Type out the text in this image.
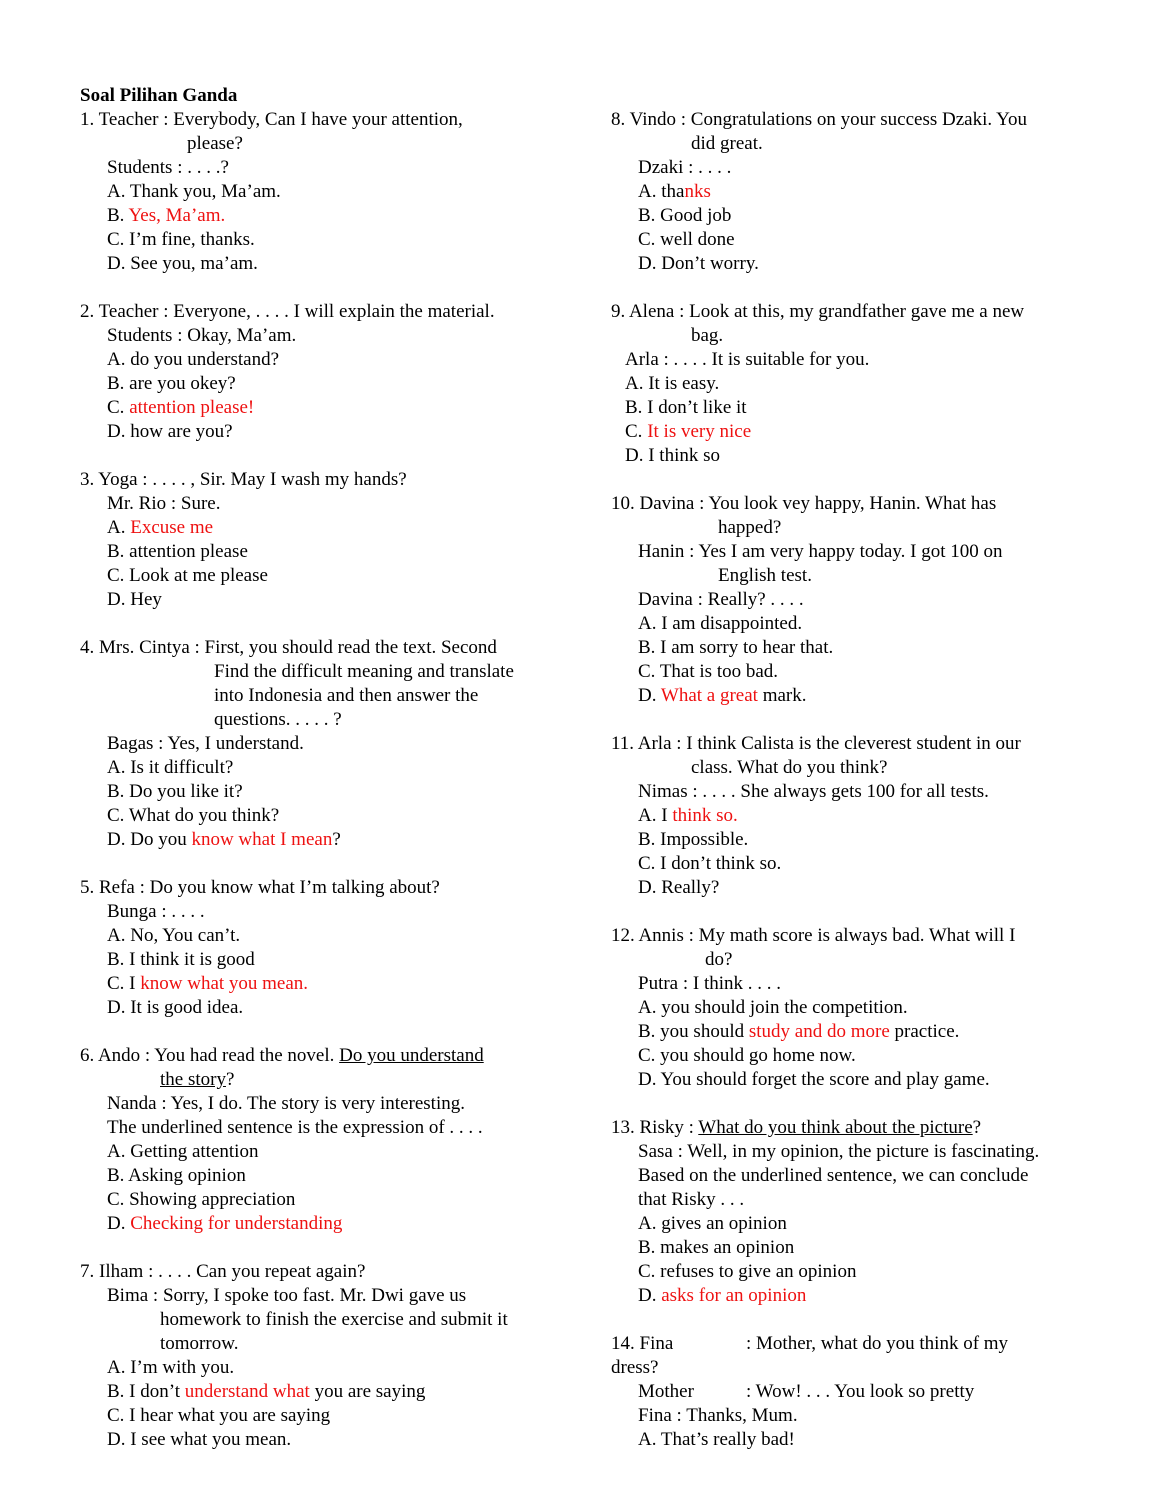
Soal Pilihan Ganda
1. Teacher : Everybody, Can I have your attention,
please?
Students : . . . .?
A. Thank you, Ma’am.
B. Yes, Ma’am.
C. I’m fine, thanks.
D. See you, ma’am.
2. Teacher : Everyone, . . . . I will explain the material.
Students : Okay, Ma’am.
A. do you understand?
B. are you okey?
C. attention please!
D. how are you?
3. Yoga : . . . . , Sir. May I wash my hands?
Mr. Rio : Sure.
A. Excuse me
B. attention please
C. Look at me please
D. Hey
4. Mrs. Cintya : First, you should read the text. Second
Find the difficult meaning and translate
into Indonesia and then answer the
questions. . . . . ?
Bagas : Yes, I understand.
A. Is it difficult?
B. Do you like it?
C. What do you think?
D. Do you know what I mean?
5. Refa : Do you know what I’m talking about?
Bunga : . . . .
A. No, You can’t.
B. I think it is good
C. I know what you mean.
D. It is good idea.
6. Ando : You had read the novel. Do you understand
the story?
Nanda : Yes, I do. The story is very interesting.
The underlined sentence is the expression of . . . .
A. Getting attention
B. Asking opinion
C. Showing appreciation
D. Checking for understanding
7. Ilham : . . . . Can you repeat again?
Bima : Sorry, I spoke too fast. Mr. Dwi gave us
homework to finish the exercise and submit it
tomorrow.
A. I’m with you.
B. I don’t understand what you are saying
C. I hear what you are saying
D. I see what you mean.
8. Vindo : Congratulations on your success Dzaki. You
did great.
Dzaki : . . . .
A. thanks
B. Good job
C. well done
D. Don’t worry.
9. Alena : Look at this, my grandfather gave me a new
bag.
Arla : . . . . It is suitable for you.
A. It is easy.
B. I don’t like it
C. It is very nice
D. I think so
10. Davina : You look vey happy, Hanin. What has
happed?
Hanin : Yes I am very happy today. I got 100 on
English test.
Davina : Really? . . . .
A. I am disappointed.
B. I am sorry to hear that.
C. That is too bad.
D. What a great mark.
11. Arla : I think Calista is the cleverest student in our
class. What do you think?
Nimas : . . . . She always gets 100 for all tests.
A. I think so.
B. Impossible.
C. I don’t think so.
D. Really?
12. Annis : My math score is always bad. What will I
do?
Putra : I think . . . .
A. you should join the competition.
B. you should study and do more practice.
C. you should go home now.
D. You should forget the score and play game.
13. Risky : What do you think about the picture?
Sasa : Well, in my opinion, the picture is fascinating.
Based on the underlined sentence, we can conclude
that Risky . . .
A. gives an opinion
B. makes an opinion
C. refuses to give an opinion
D. asks for an opinion
14. Fina	: Mother, what do you think of my
dress?
Mother	: Wow! . . . You look so pretty
Fina : Thanks, Mum.
A. That’s really bad!
